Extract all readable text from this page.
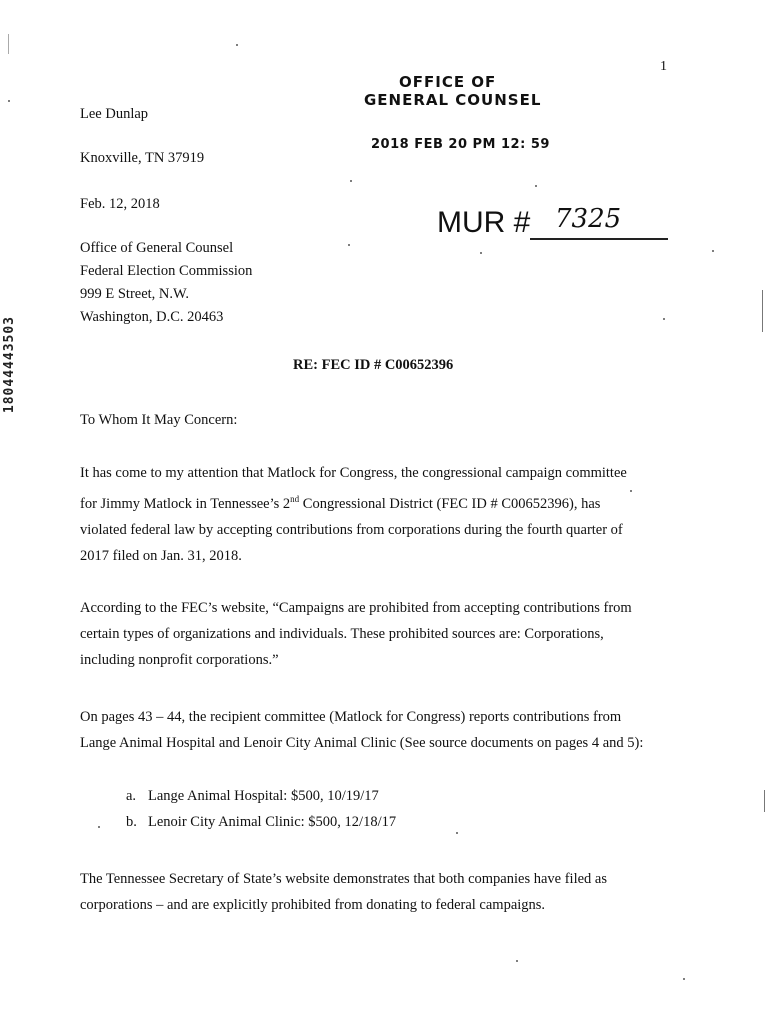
1
OFFICE OF
GENERAL COUNSEL
2018 FEB 20 PM 12: 59
MUR # 7325
18044443503
Lee Dunlap
Knoxville, TN 37919
Feb. 12, 2018
Office of General Counsel
Federal Election Commission
999 E Street, N.W.
Washington, D.C. 20463
RE: FEC ID # C00652396
To Whom It May Concern:
It has come to my attention that Matlock for Congress, the congressional campaign committee
for Jimmy Matlock in Tennessee’s 2nd Congressional District (FEC ID # C00652396), has
violated federal law by accepting contributions from corporations during the fourth quarter of
2017 filed on Jan. 31, 2018.
According to the FEC’s website, “Campaigns are prohibited from accepting contributions from
certain types of organizations and individuals. These prohibited sources are: Corporations,
including nonprofit corporations.”
On pages 43 – 44, the recipient committee (Matlock for Congress) reports contributions from
Lange Animal Hospital and Lenoir City Animal Clinic (See source documents on pages 4 and 5):
a. Lange Animal Hospital: $500, 10/19/17
b. Lenoir City Animal Clinic: $500, 12/18/17
The Tennessee Secretary of State’s website demonstrates that both companies have filed as
corporations – and are explicitly prohibited from donating to federal campaigns.
